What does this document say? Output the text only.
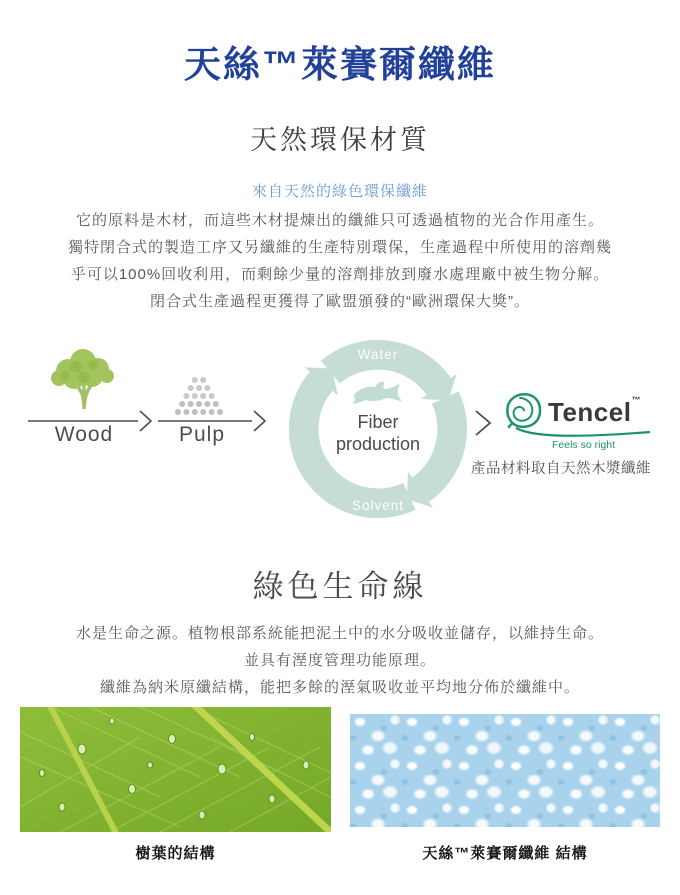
天絲™萊賽爾纖維
天然環保材質
來自天然的綠色環保纖維
它的原料是木材，而這些木材提煉出的纖維只可透過植物的光合作用產生。
獨特閉合式的製造工序又另纖維的生產特別環保，生產過程中所使用的溶劑幾
乎可以100%回收利用，而剩餘少量的溶劑排放到廢水處理廠中被生物分解。
閉合式生產過程更獲得了歐盟頒發的“歐洲環保大獎”。
Wood	Pulp
Water
Solvent
Fiber
production
Tencel™
Feels so right
產品材料取自天然木漿纖維
綠色生命線
水是生命之源。植物根部系統能把泥土中的水分吸收並儲存，以維持生命。
並具有溼度管理功能原理。
纖維為納米原纖結構，能把多餘的溼氣吸收並平均地分佈於纖維中。
樹葉的結構	天絲™萊賽爾纖維 結構
